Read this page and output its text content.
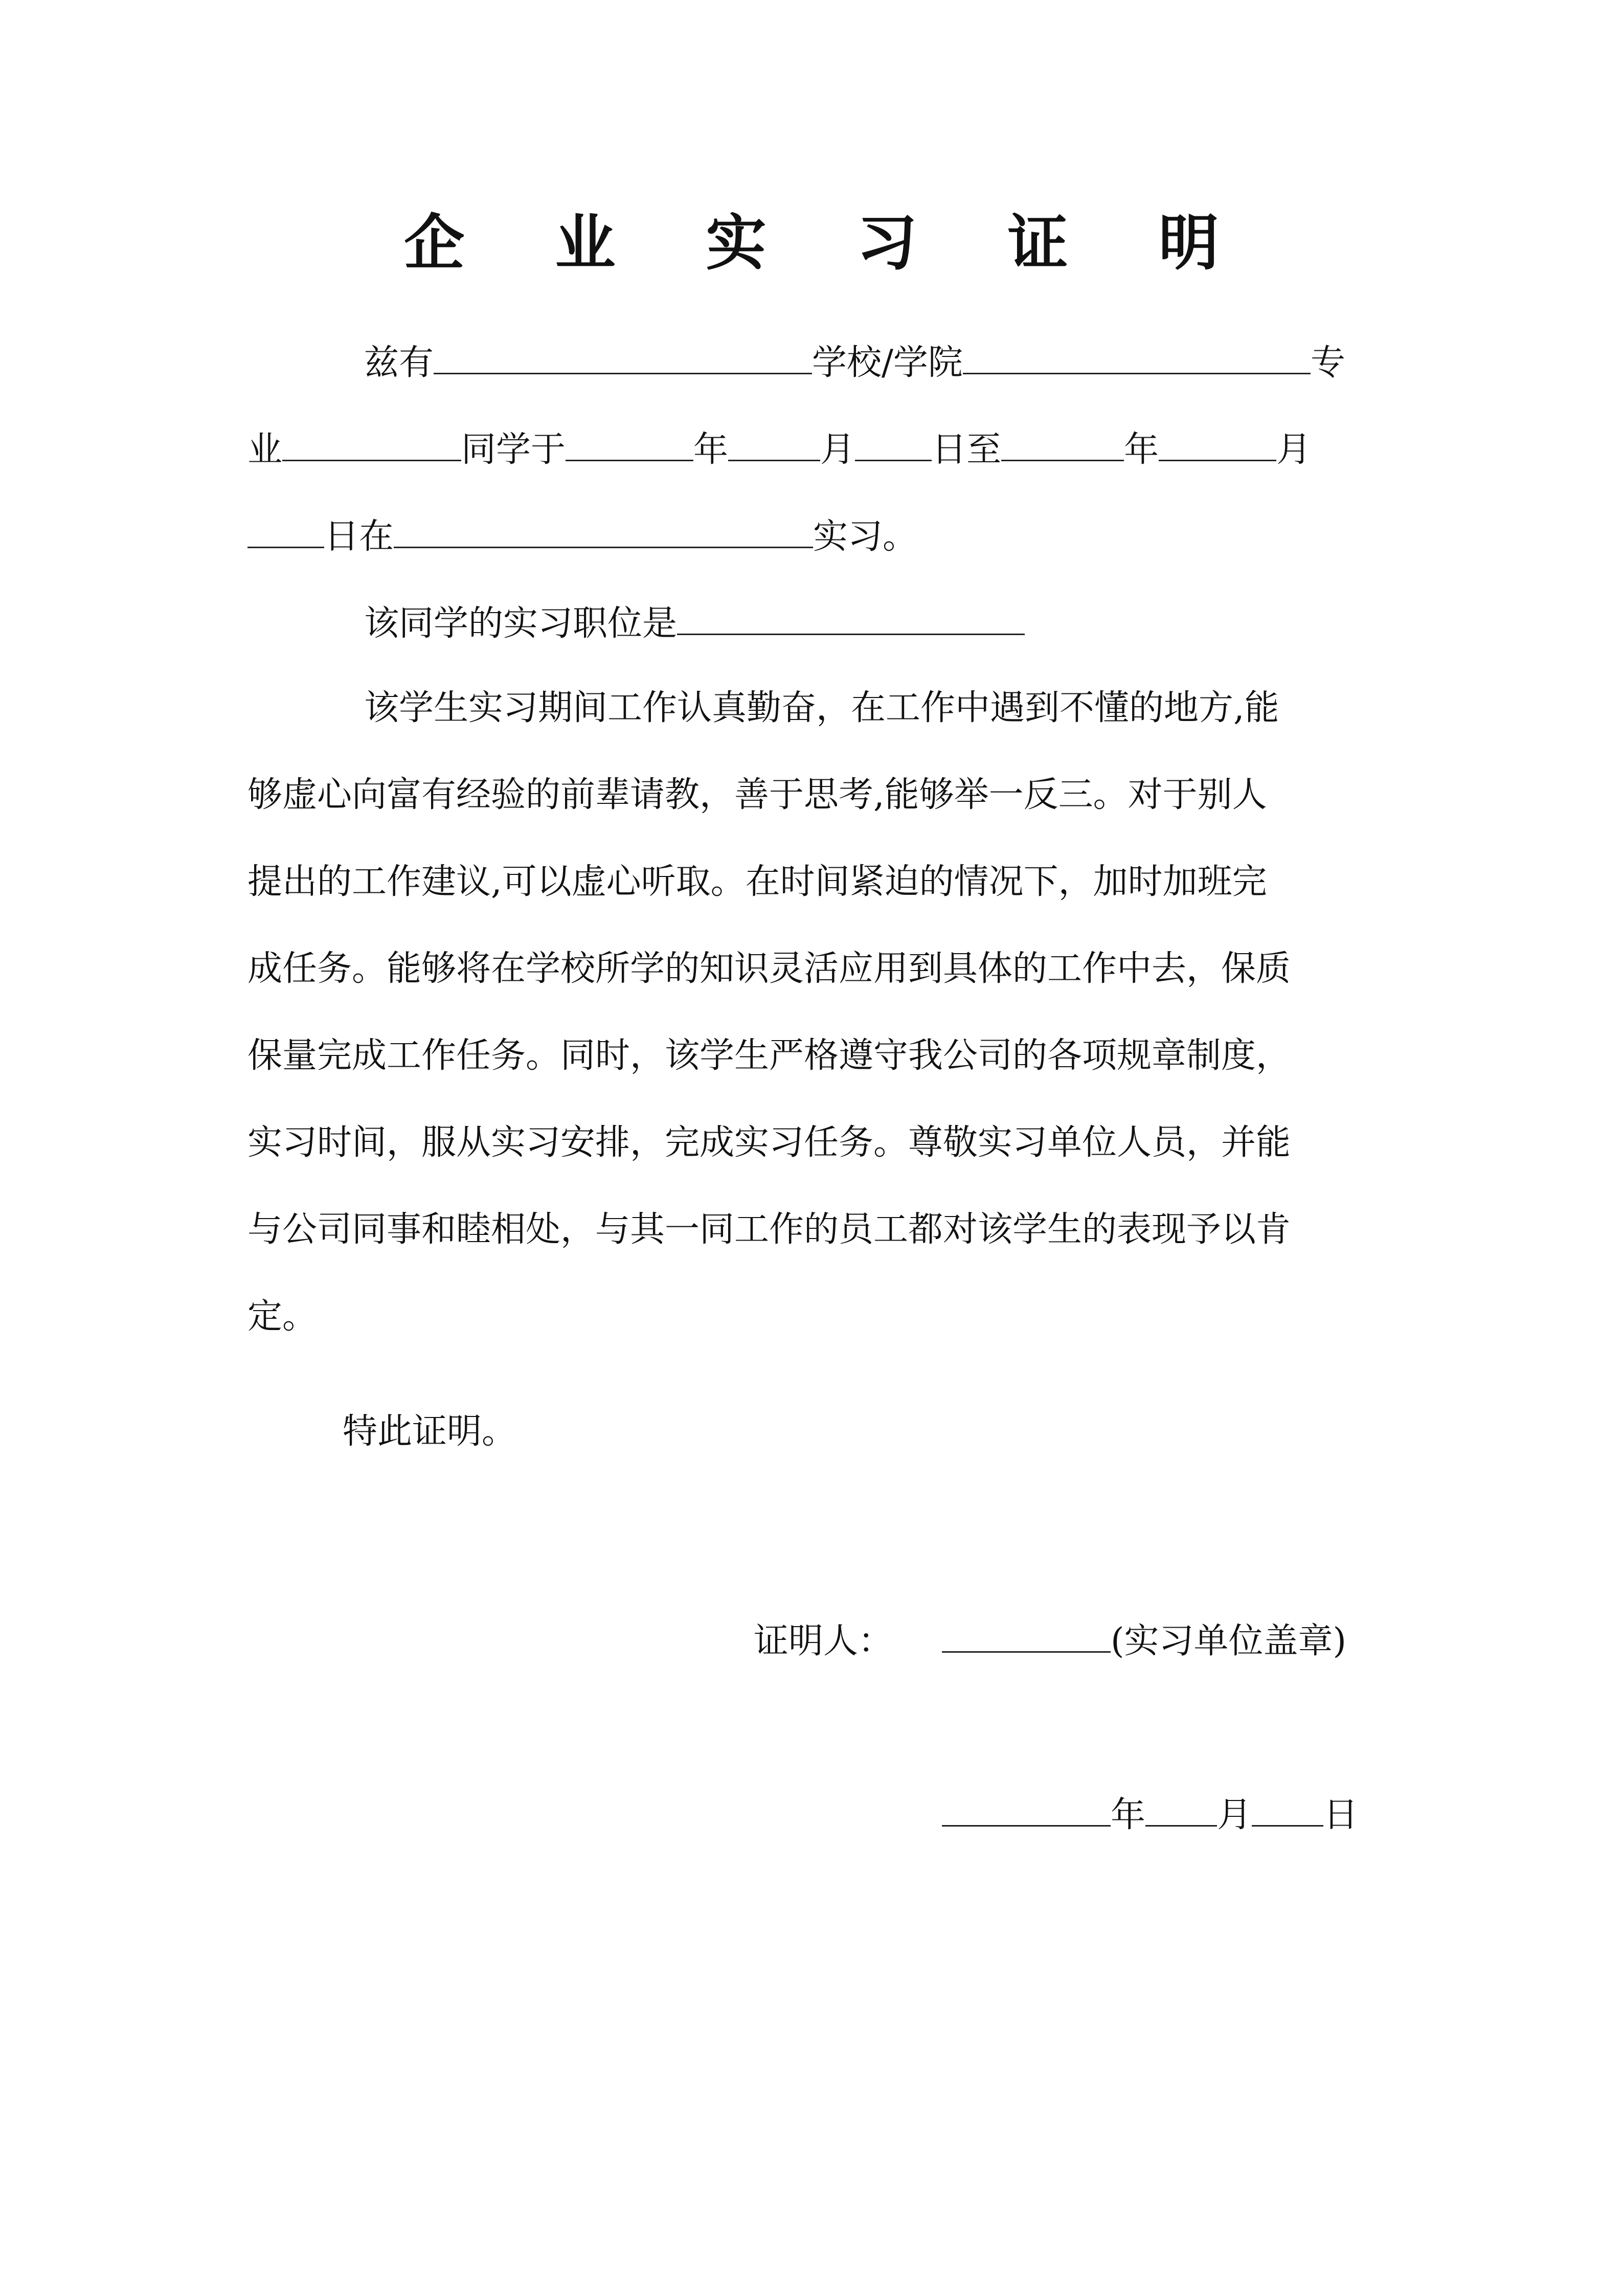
企 业 实 习 证 明
兹有	学校/学院	专
业	同学于	年	月 日至	年	月
日在	实习。
该同学的实习职位是
该学生实习期间工作认真勤奋，在工作中遇到不懂的地方,能
够虚心向富有经验的前辈请教，善于思考,能够举一反三。对于别人
提出的工作建议,可以虚心听取。在时间紧迫的情况下，加时加班完
成任务。能够将在学校所学的知识灵活应用到具体的工作中去，保质
保量完成工作任务。同时，该学生严格遵守我公司的各项规章制度，
实习时间，服从实习安排，完成实习任务。尊敬实习单位人员，并能
与公司同事和睦相处，与其一同工作的员工都对该学生的表现予以肯
定。
特此证明。
证明人：	(实习单位盖章)
年 月 日
